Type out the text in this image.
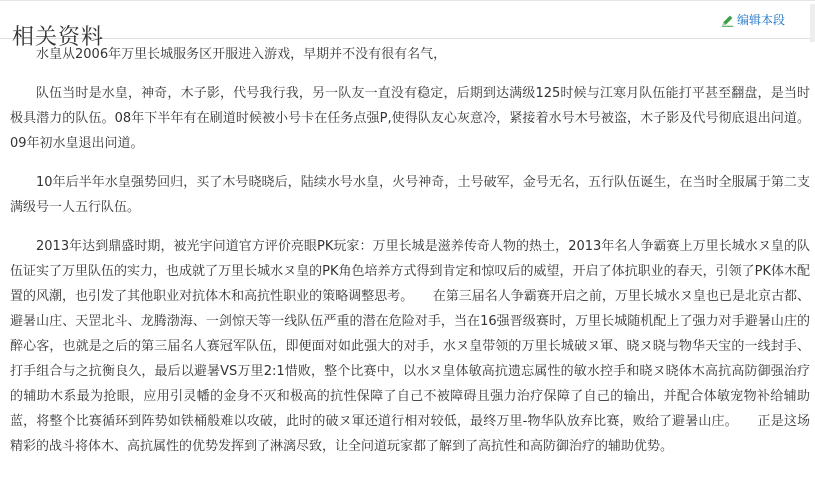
相关资料
编辑本段

水皇从2006年万里长城服务区开服进入游戏，早期并不没有很有名气，

队伍当时是水皇，神奇，木子影，代号我行我，另一队友一直没有稳定，后期到达满级125时候与江寒月队伍能打平甚至翻盘，是当时极具潜力的队伍。08年下半年有在刷道时候被小号卡在任务点强P,使得队友心灰意冷，紧接着水号木号被盗，木子影及代号彻底退出问道。09年初水皇退出问道。

10年后半年水皇强势回归，买了木号晓晓后，陆续水号水皇，火号神奇，土号破军，金号无名，五行队伍诞生，在当时全服属于第二支满级号一人五行队伍。

2013年达到鼎盛时期，被光宇问道官方评价亮眼PK玩家：万里长城是滋养传奇人物的热土，2013年名人争霸赛上万里长城水ヌ皇的队伍证实了万里队伍的实力，也成就了万里长城水ヌ皇的PK角色培养方式得到肯定和惊叹后的威望，开启了体抗职业的春天，引领了PK体木配置的风潮，也引发了其他职业对抗体木和高抗性职业的策略调整思考。　　在第三届名人争霸赛开启之前，万里长城水ヌ皇也已是北京古都、避暑山庄、天罡北斗、龙腾渤海、一剑惊天等一线队伍严重的潜在危险对手，当在16强晋级赛时，万里长城随机配上了强力对手避暑山庄的醉心客，也就是之后的第三届名人赛冠军队伍，即便面对如此强大的对手，水ヌ皇带领的万里长城破ヌ軍、晓ヌ晓与物华天宝的一线封手、打手组合与之抗衡良久，最后以避暑VS万里2:1惜败，整个比赛中，以水ヌ皇体敏高抗遗忘属性的敏水控手和晓ヌ晓体木高抗高防御强治疗的辅助木系最为抢眼，应用引灵幡的金身不灭和极高的抗性保障了自己不被障碍且强力治疗保障了自己的输出，并配合体敏宠物补给辅助蓝，将整个比赛循环到阵势如铁桶般难以攻破，此时的破ヌ軍还道行相对较低，最终万里-物华队放弃比赛，败给了避暑山庄。　　正是这场精彩的战斗将体木、高抗属性的优势发挥到了淋漓尽致，让全问道玩家都了解到了高抗性和高防御治疗的辅助优势。
